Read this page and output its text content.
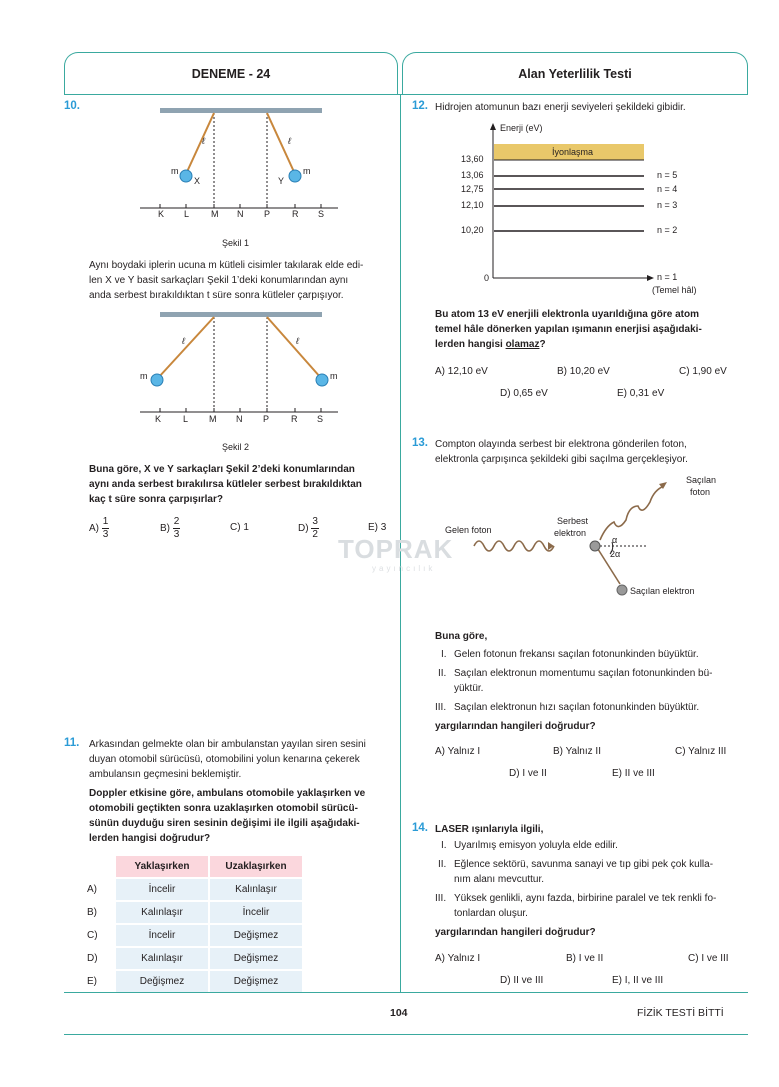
DENEME - 24	Alan Yeterlilik Testi
TOPRAK
yayıncılık
10.
K L M N P R S
m
X	Y
m
ℓ	ℓ
Şekil 1
Aynı boydaki iplerin ucuna m kütleli cisimler takılarak elde edi-
len X ve Y basit sarkaçları Şekil 1’deki konumlarından aynı
anda serbest bırakıldıktan t süre sonra kütleler çarpışıyor.
K L M N P R S
m	m
ℓ	ℓ
Şekil 2
Buna göre, X ve Y sarkaçları Şekil 2’deki konumlarından
aynı anda serbest bırakılırsa kütleler serbest bırakıldıktan
kaç t süre sonra çarpışırlar?
$A) \frac{1}{3}$	$B) \frac{2}{3}$	C) 1	$D) \frac{3}{2}$	E) 3
11. Arkasından gelmekte olan bir ambulanstan yayılan siren sesini
duyan otomobil sürücüsü, otomobilini yolun kenarına çekerek
ambulansın geçmesini beklemiştir.
Doppler etkisine göre, ambulans otomobile yaklaşırken ve
otomobili geçtikten sonra uzaklaşırken otomobil sürücü-
sünün duyduğu siren sesinin değişimi ile ilgili aşağıdaki-
lerden hangisi doğrudur?
	Yaklaşırken	Uzaklaşırken
A)	İncelir	Kalınlaşır
B)	Kalınlaşır	İncelir
C)	İncelir	Değişmez
D)	Kalınlaşır	Değişmez
E)	Değişmez	Değişmez
12. Hidrojen atomunun bazı enerji seviyeleri şekildeki gibidir.
Enerji (eV)
İyonlaşma
13,60
13,06
12,75
12,10
10,20
0
n = 5
n = 4
n = 3
n = 2
n = 1
(Temel hâl)
Bu atom 13 eV enerjili elektronla uyarıldığına göre atom
temel hâle dönerken yapılan ışımanın enerjisi aşağıdaki-
lerden hangisi olamaz?
A) 12,10 eV	B) 10,20 eV	C) 1,90 eV
D) 0,65 eV	E) 0,31 eV
13. Compton olayında serbest bir elektrona gönderilen foton,
elektronla çarpışınca şekildeki gibi saçılma gerçekleşiyor.
Gelen foton
Serbest
elektron
Saçılan
foton
α
2α
Saçılan elektron
Buna göre,
I. Gelen fotonun frekansı saçılan fotonunkinden büyüktür.
II. Saçılan elektronun momentumu saçılan fotonunkinden bü-
yüktür.
III. Saçılan elektronun hızı saçılan fotonunkinden büyüktür.
yargılarından hangileri doğrudur?
A) Yalnız I	B) Yalnız II	C) Yalnız III
D) I ve II	E) II ve III
14. LASER ışınlarıyla ilgili,
I. Uyarılmış emisyon yoluyla elde edilir.
II. Eğlence sektörü, savunma sanayi ve tıp gibi pek çok kulla-
nım alanı mevcuttur.
III. Yüksek genlikli, aynı fazda, birbirine paralel ve tek renkli fo-
tonlardan oluşur.
yargılarından hangileri doğrudur?
A) Yalnız I	B) I ve II	C) I ve III
D) II ve III	E) I, II ve III
104	FİZİK TESTİ BİTTİ
